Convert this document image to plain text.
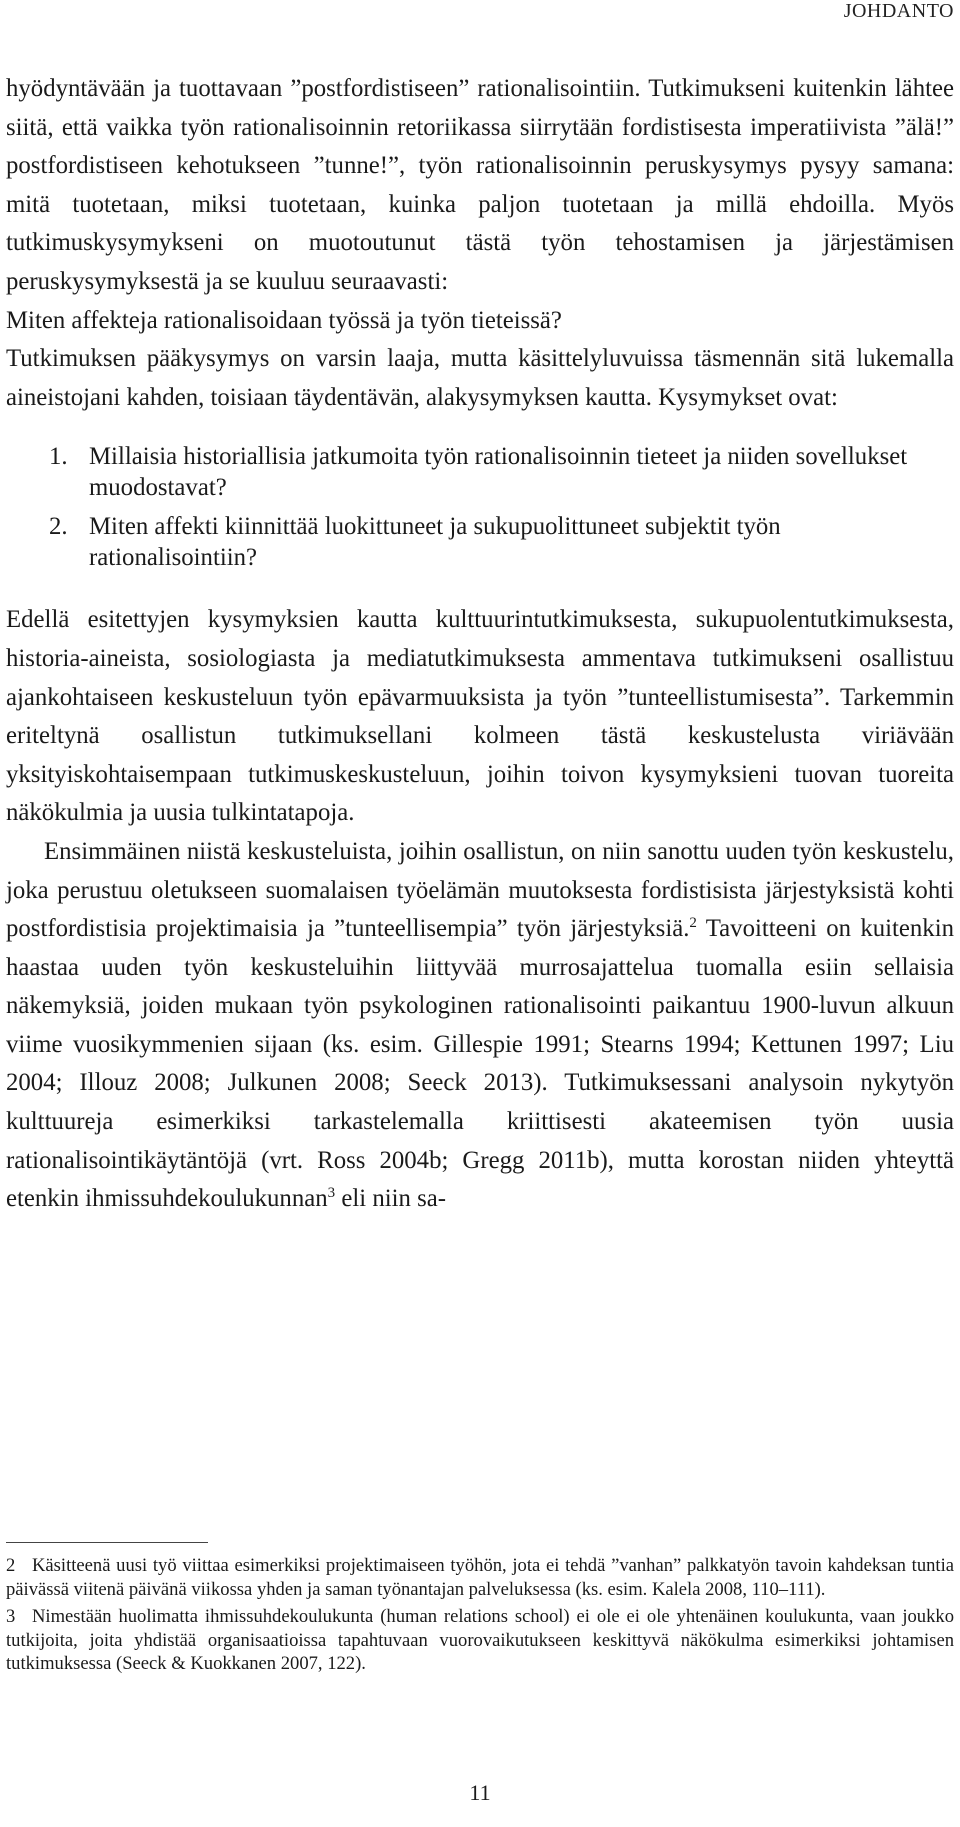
JOHDANTO

hyödyntävään ja tuottavaan ”postfordistiseen” rationalisointiin. Tutkimukseni kuitenkin lähtee siitä, että vaikka työn rationalisoinnin retoriikassa siirrytään fordistisesta imperatiivista ”älä!” postfordistiseen kehotukseen ”tunne!”, työn rationalisoinnin peruskysymys pysyy samana: mitä tuotetaan, miksi tuotetaan, kuinka paljon tuotetaan ja millä ehdoilla. Myös tutkimuskysymykseni on muotoutunut tästä työn tehostamisen ja järjestämisen peruskysymyksestä ja se kuuluu seuraavasti:

Miten affekteja rationalisoidaan työssä ja työn tieteissä?

Tutkimuksen pääkysymys on varsin laaja, mutta käsittelyluvuissa täsmennän sitä lukemalla aineistojani kahden, toisiaan täydentävän, alakysymyksen kautta. Kysymykset ovat:

1. Millaisia historiallisia jatkumoita työn rationalisoinnin tieteet ja niiden sovellukset muodostavat?
2. Miten affekti kiinnittää luokittuneet ja sukupuolittuneet subjektit työn rationalisointiin?

Edellä esitettyjen kysymyksien kautta kulttuurintutkimuksesta, sukupuolentutkimuksesta, historia-aineista, sosiologiasta ja mediatutkimuksesta ammentava tutkimukseni osallistuu ajankohtaiseen keskusteluun työn epävarmuuksista ja työn ”tunteellistumisesta”. Tarkemmin eriteltynä osallistun tutkimuksellani kolmeen tästä keskustelusta viriävään yksityiskohtaisempaan tutkimuskeskusteluun, joihin toivon kysymyksieni tuovan tuoreita näkökulmia ja uusia tulkintatapoja.

Ensimmäinen niistä keskusteluista, joihin osallistun, on niin sanottu uuden työn keskustelu, joka perustuu oletukseen suomalaisen työelämän muutoksesta fordistisista järjestyksistä kohti postfordistisia projektimaisia ja ”tunteellisempia” työn järjestyksiä.$^2$ Tavoitteeni on kuitenkin haastaa uuden työn keskusteluihin liittyvää murrosajattelua tuomalla esiin sellaisia näkemyksiä, joiden mukaan työn psykologinen rationalisointi paikantuu 1900-luvun alkuun viime vuosikymmenien sijaan (ks. esim. Gillespie 1991; Stearns 1994; Kettunen 1997; Liu 2004; Illouz 2008; Julkunen 2008; Seeck 2013). Tutkimuksessani analysoin nykytyön kulttuureja esimerkiksi tarkastelemalla kriittisesti akateemisen työn uusia rationalisointikäytäntöjä (vrt. Ross 2004b; Gregg 2011b), mutta korostan niiden yhteyttä etenkin ihmissuhdekoulukunnan$^3$ eli niin sa-

2 Käsitteenä uusi työ viittaa esimerkiksi projektimaiseen työhön, jota ei tehdä ”vanhan” palkkatyön tavoin kahdeksan tuntia päivässä viitenä päivänä viikossa yhden ja saman työnantajan palveluksessa (ks. esim. Kalela 2008, 110–111).

3 Nimestään huolimatta ihmissuhdekoulukunta (human relations school) ei ole ei ole yhtenäinen koulukunta, vaan joukko tutkijoita, joita yhdistää organisaatioissa tapahtuvaan vuorovaikutukseen keskittyvä näkökulma esimerkiksi johtamisen tutkimuksessa (Seeck & Kuokkanen 2007, 122).

11
